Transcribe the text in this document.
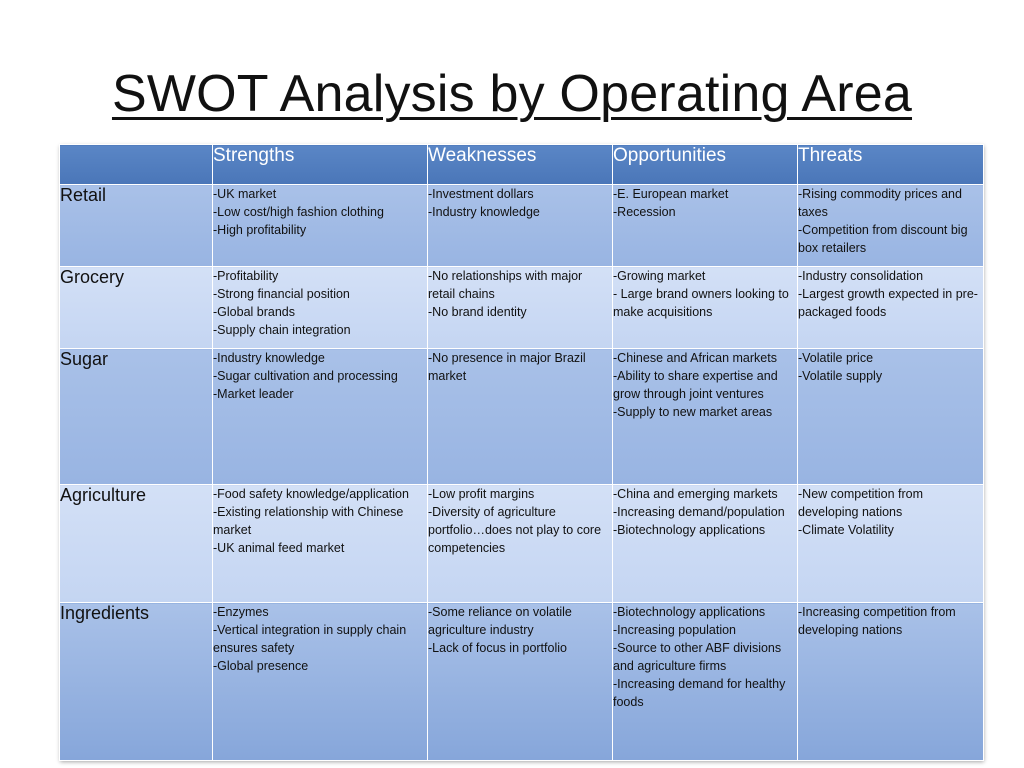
SWOT Analysis by Operating Area
	Strengths	Weaknesses	Opportunities	Threats
Retail	-UK market
-Low cost/high fashion clothing
-High profitability	-Investment dollars
-Industry knowledge	-E. European market
-Recession	-Rising commodity prices and taxes
-Competition from discount big box retailers

Grocery	-Profitability
-Strong financial position
-Global brands
-Supply chain integration	-No relationships with major retail chains
-No brand identity	-Growing market
- Large brand owners looking to make acquisitions	-Industry consolidation
-Largest growth expected in pre-packaged foods

Sugar	-Industry knowledge
-Sugar cultivation and processing
-Market leader	-No presence in major Brazil market	-Chinese and African markets
-Ability to share expertise and grow through joint ventures
-Supply to new market areas	-Volatile price
-Volatile supply

Agriculture	-Food safety knowledge/application
-Existing relationship with Chinese market
-UK animal feed market	-Low profit margins
-Diversity of agriculture portfolio…does not play to core competencies	-China and emerging markets
-Increasing demand/population
-Biotechnology applications	-New competition from developing nations
-Climate Volatility

Ingredients	-Enzymes
-Vertical integration in supply chain ensures safety
-Global presence	-Some reliance on volatile agriculture industry
-Lack of focus in portfolio	-Biotechnology applications
-Increasing population
-Source to other ABF divisions and agriculture firms
-Increasing demand for healthy foods	-Increasing competition from developing nations
